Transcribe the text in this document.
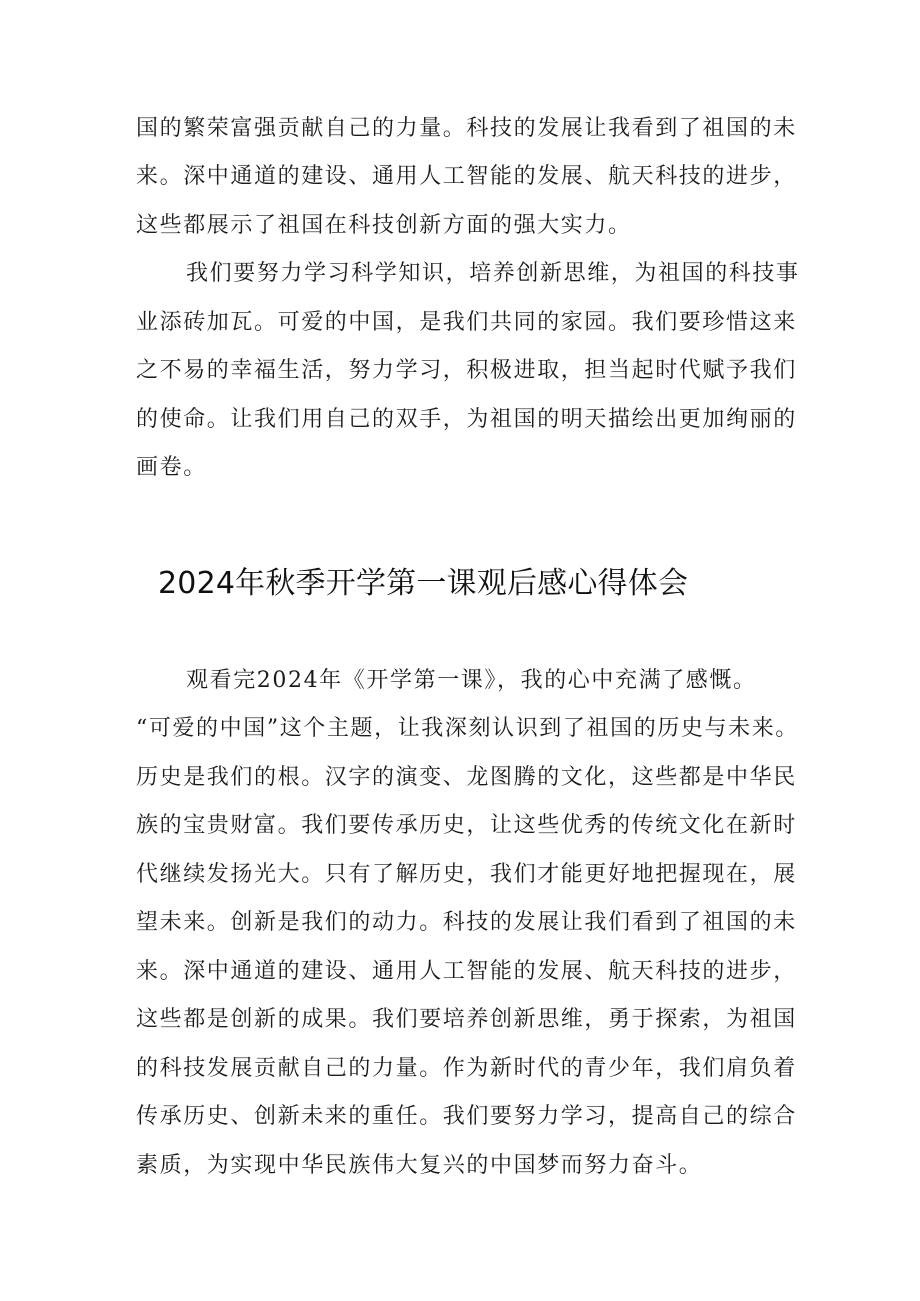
国的繁荣富强贡献自己的力量。科技的发展让我看到了祖国的未
来。深中通道的建设、通用人工智能的发展、航天科技的进步，
这些都展示了祖国在科技创新方面的强大实力。
我们要努力学习科学知识，培养创新思维，为祖国的科技事
业添砖加瓦。可爱的中国，是我们共同的家园。我们要珍惜这来
之不易的幸福生活，努力学习，积极进取，担当起时代赋予我们
的使命。让我们用自己的双手，为祖国的明天描绘出更加绚丽的
画卷。
2024年秋季开学第一课观后感心得体会
观看完2024年《开学第一课》，我的心中充满了感慨。
“可爱的中国”这个主题，让我深刻认识到了祖国的历史与未来。
历史是我们的根。汉字的演变、龙图腾的文化，这些都是中华民
族的宝贵财富。我们要传承历史，让这些优秀的传统文化在新时
代继续发扬光大。只有了解历史，我们才能更好地把握现在，展
望未来。创新是我们的动力。科技的发展让我们看到了祖国的未
来。深中通道的建设、通用人工智能的发展、航天科技的进步，
这些都是创新的成果。我们要培养创新思维，勇于探索，为祖国
的科技发展贡献自己的力量。作为新时代的青少年，我们肩负着
传承历史、创新未来的重任。我们要努力学习，提高自己的综合
素质，为实现中华民族伟大复兴的中国梦而努力奋斗。
